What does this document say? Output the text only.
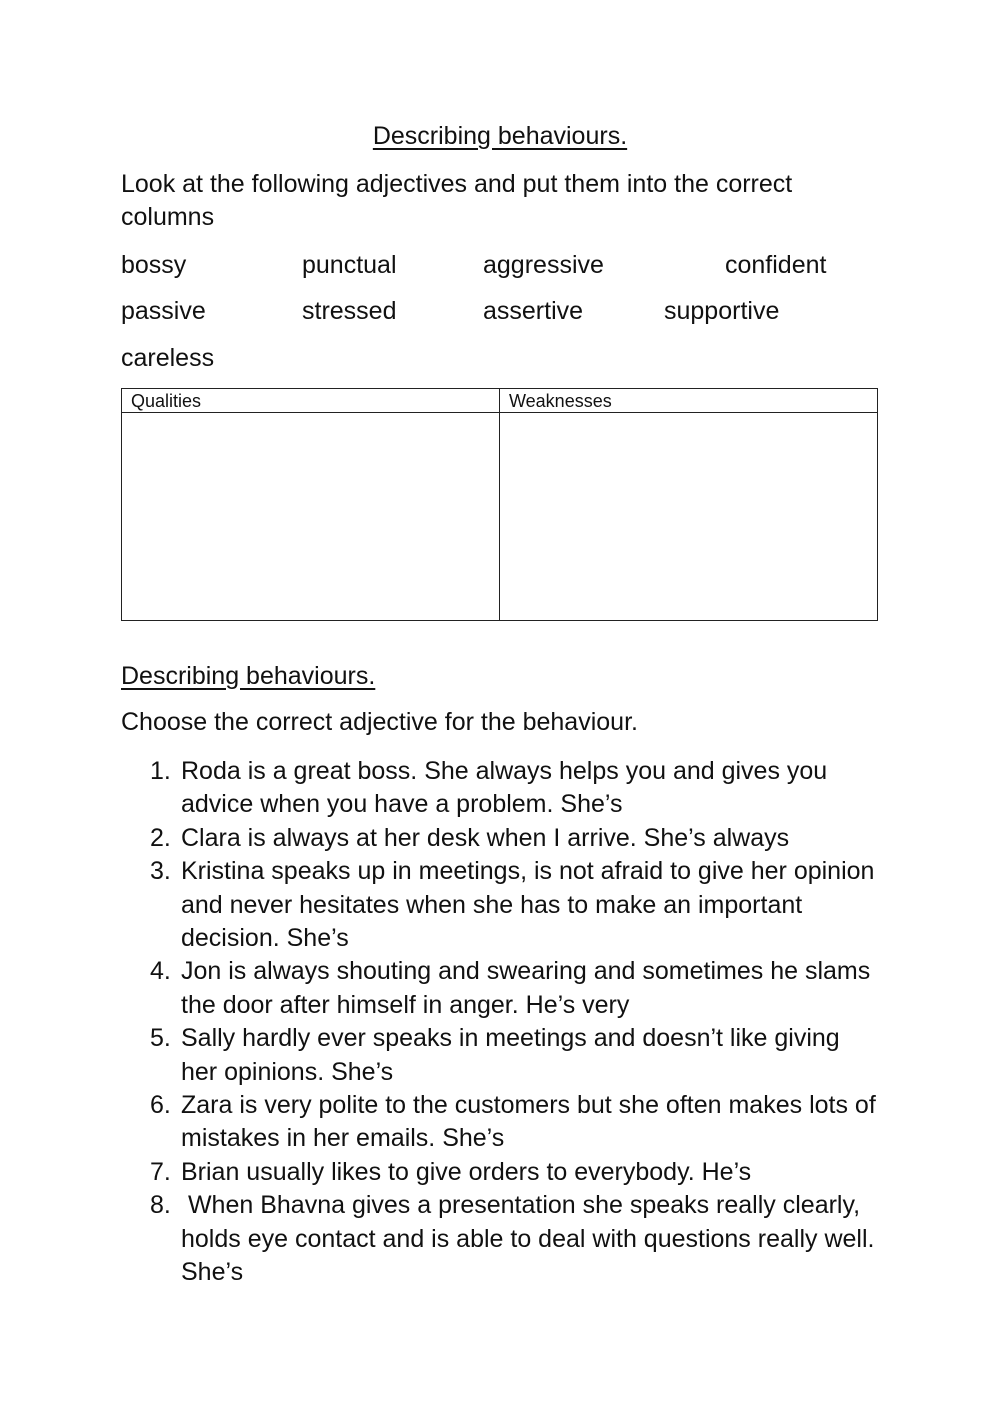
Describing behaviours.
Look at the following adjectives and put them into the correct columns
bossy	punctual	aggressive	confident
passive	stressed	assertive	supportive
careless
Qualities	Weaknesses
Describing behaviours.
Choose the correct adjective for the behaviour.
1. Roda is a great boss. She always helps you and gives you advice when you have a problem. She’s
2. Clara is always at her desk when I arrive. She’s always
3. Kristina speaks up in meetings, is not afraid to give her opinion and never hesitates when she has to make an important decision. She’s
4. Jon is always shouting and swearing and sometimes he slams the door after himself in anger. He’s very
5. Sally hardly ever speaks in meetings and doesn’t like giving her opinions. She’s
6. Zara is very polite to the customers but she often makes lots of mistakes in her emails. She’s
7. Brian usually likes to give orders to everybody. He’s
8. When Bhavna gives a presentation she speaks really clearly, holds eye contact and is able to deal with questions really well. She’s
